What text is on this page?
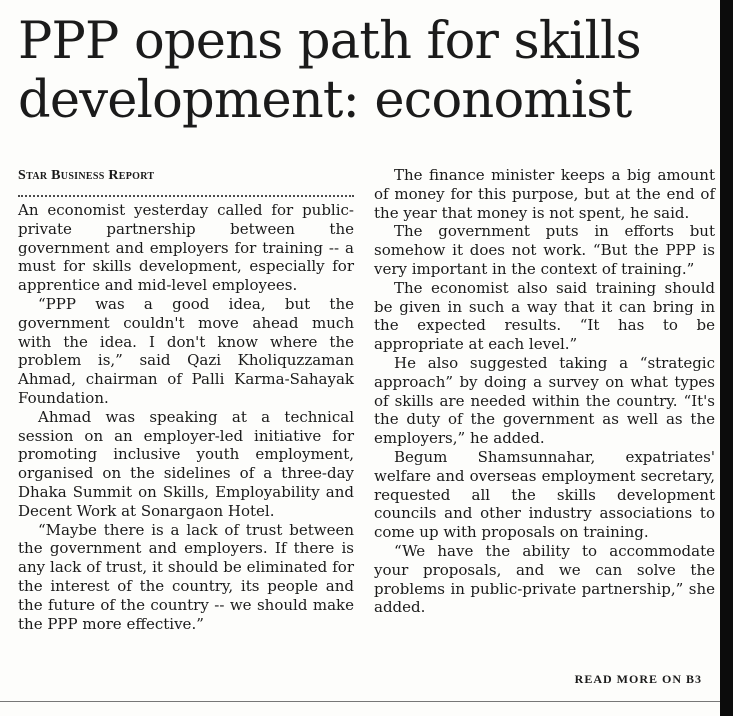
PPP opens path for skills development: economist
Star Business Report

An economist yesterday called for public-private partnership between the government and employers for training -- a must for skills development, especially for apprentice and mid-level employees.

“PPP was a good idea, but the government couldn't move ahead much with the idea. I don't know where the problem is,” said Qazi Kholiquzzaman Ahmad, chairman of Palli Karma-Sahayak Foundation.

Ahmad was speaking at a technical session on an employer-led initiative for promoting inclusive youth employment, organised on the sidelines of a three-day Dhaka Summit on Skills, Employability and Decent Work at Sonargaon Hotel.

“Maybe there is a lack of trust between the government and employers. If there is any lack of trust, it should be eliminated for the interest of the country, its people and the future of the country -- we should make the PPP more effective.”

The finance minister keeps a big amount of money for this purpose, but at the end of the year that money is not spent, he said.

The government puts in efforts but somehow it does not work. “But the PPP is very important in the context of training.”

The economist also said training should be given in such a way that it can bring in the expected results. “It has to be appropriate at each level.”

He also suggested taking a “strategic approach” by doing a survey on what types of skills are needed within the country. “It's the duty of the government as well as the employers,” he added.

Begum Shamsunnahar, expatriates' welfare and overseas employment secretary, requested all the skills development councils and other industry associations to come up with proposals on training.

“We have the ability to accommodate your proposals, and we can solve the problems in public-private partnership,” she added.

READ MORE ON B3
